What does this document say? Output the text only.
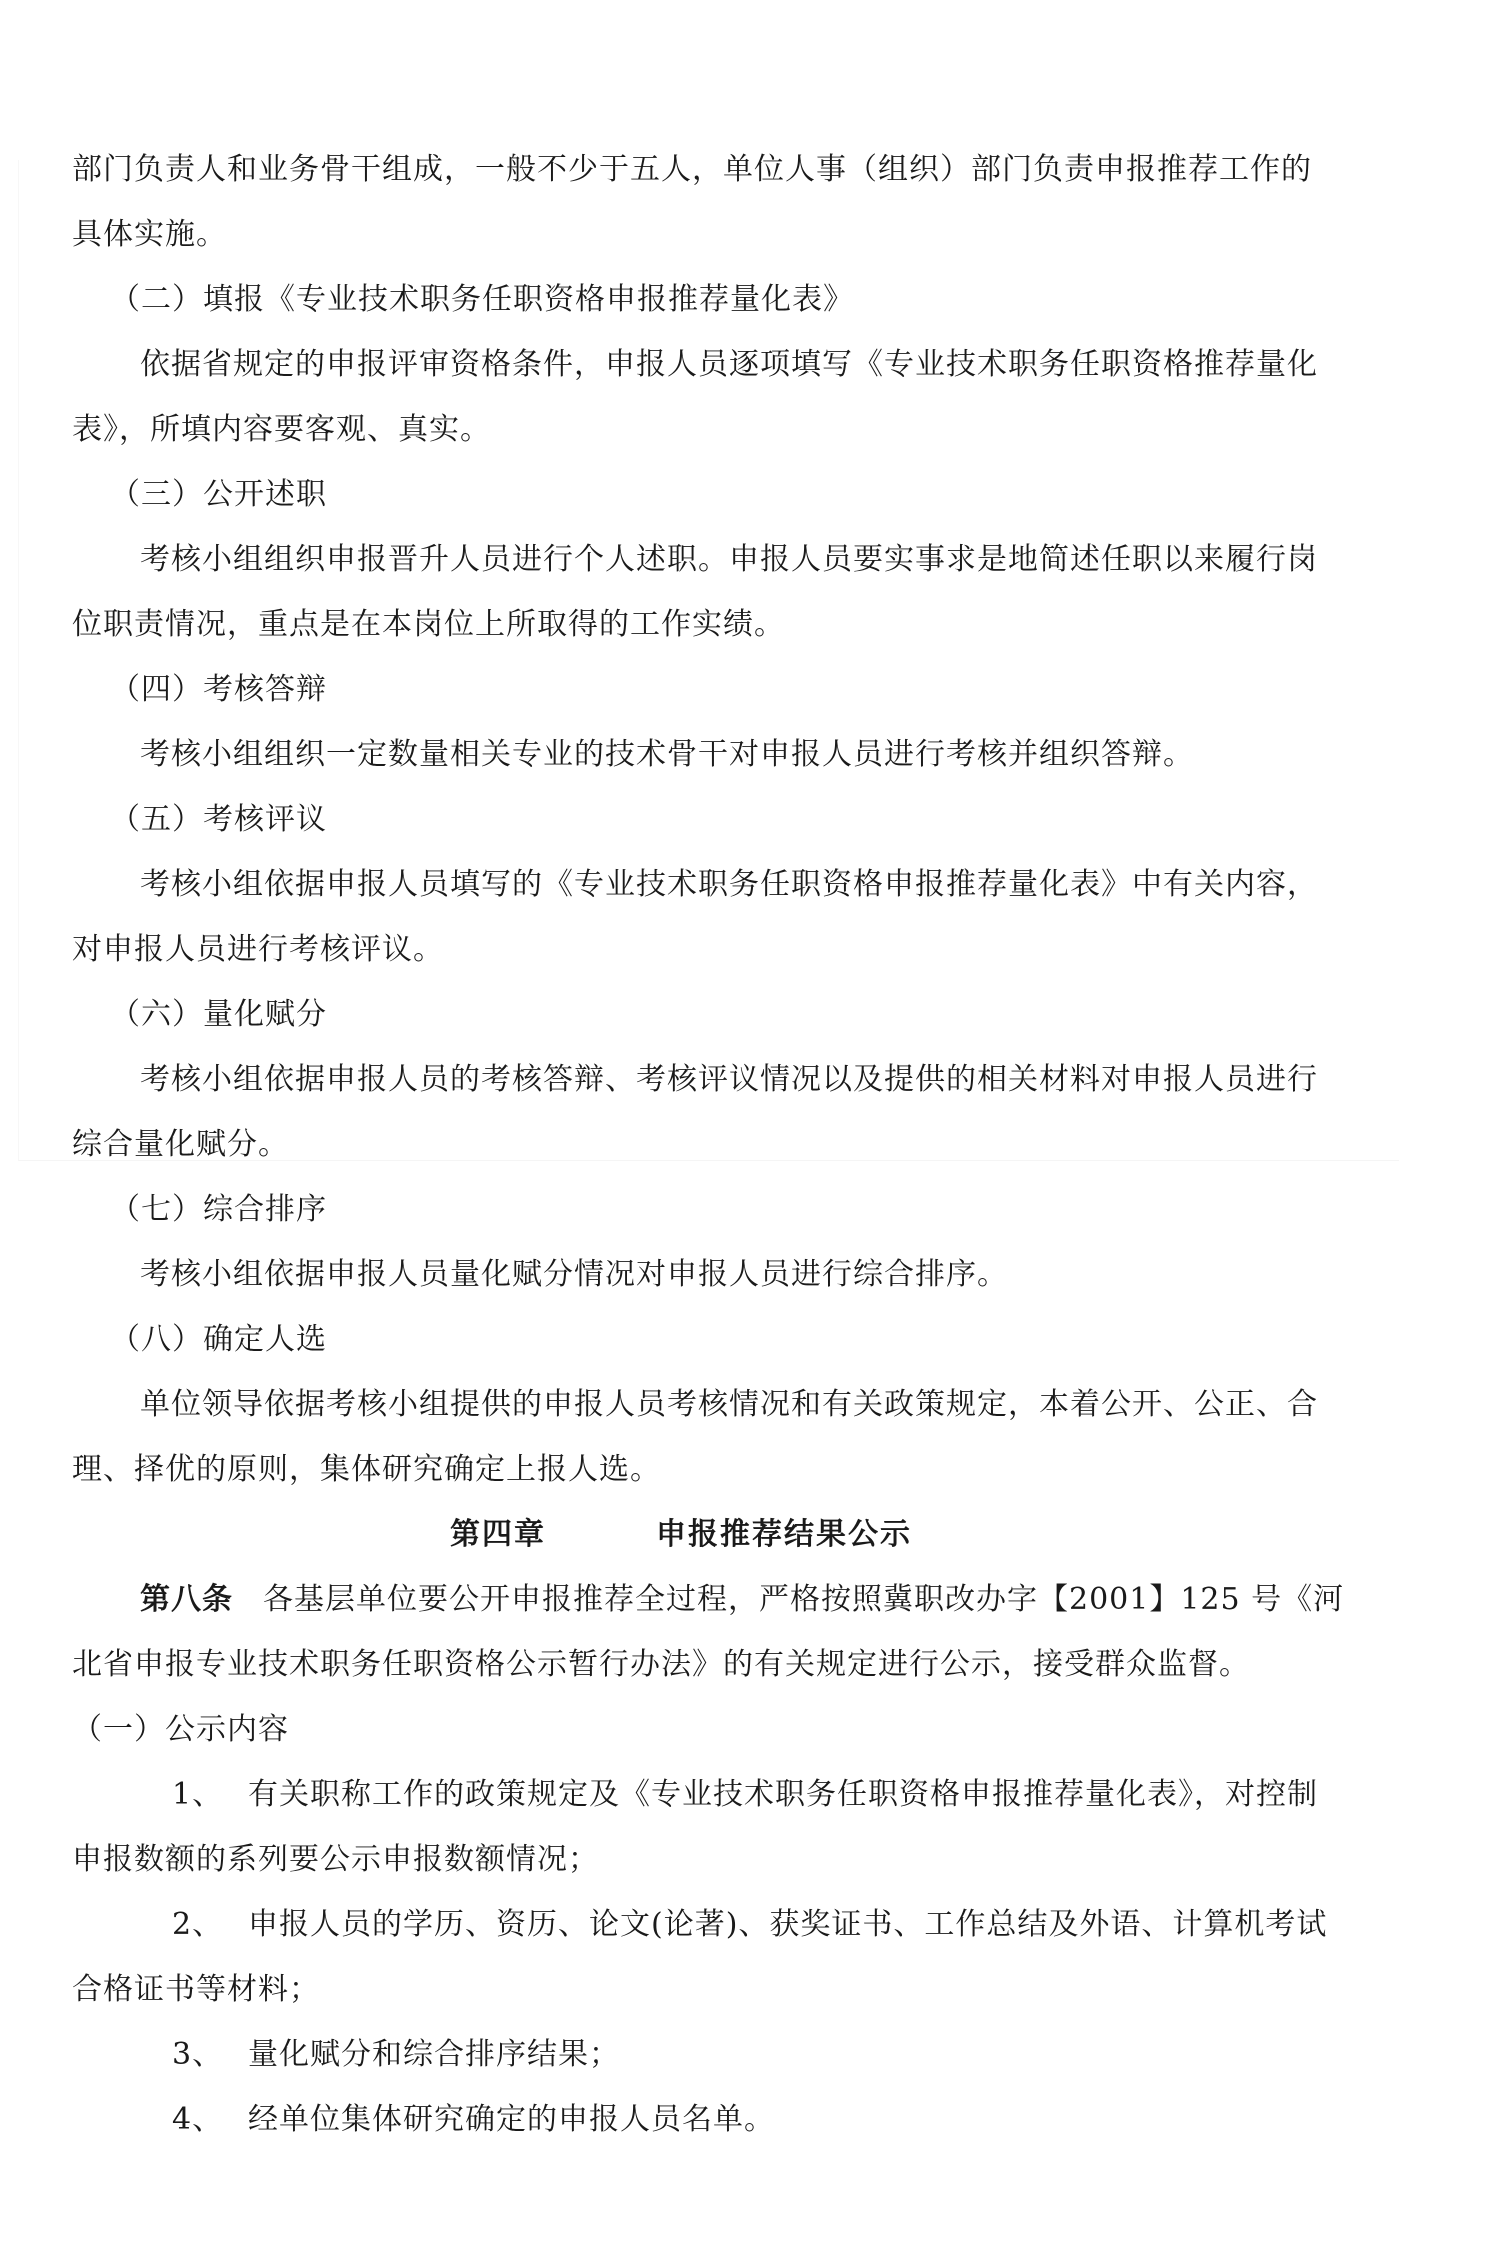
部门负责人和业务骨干组成，一般不少于五人，单位人事（组织）部门负责申报推荐工作的

具体实施。

（二）填报《专业技术职务任职资格申报推荐量化表》

依据省规定的申报评审资格条件，申报人员逐项填写《专业技术职务任职资格推荐量化

表》，所填内容要客观、真实。

（三）公开述职

考核小组组织申报晋升人员进行个人述职。申报人员要实事求是地简述任职以来履行岗

位职责情况，重点是在本岗位上所取得的工作实绩。

（四）考核答辩

考核小组组织一定数量相关专业的技术骨干对申报人员进行考核并组织答辩。

（五）考核评议

考核小组依据申报人员填写的《专业技术职务任职资格申报推荐量化表》中有关内容，

对申报人员进行考核评议。

（六）量化赋分

考核小组依据申报人员的考核答辩、考核评议情况以及提供的相关材料对申报人员进行

综合量化赋分。

（七）综合排序

考核小组依据申报人员量化赋分情况对申报人员进行综合排序。

（八）确定人选

单位领导依据考核小组提供的申报人员考核情况和有关政策规定，本着公开、公正、合

理、择优的原则，集体研究确定上报人选。

第四章	申报推荐结果公示

第八条 各基层单位要公开申报推荐全过程，严格按照冀职改办字【2001】125 号《河

北省申报专业技术职务任职资格公示暂行办法》的有关规定进行公示，接受群众监督。

（一）公示内容

1、 有关职称工作的政策规定及《专业技术职务任职资格申报推荐量化表》，对控制

申报数额的系列要公示申报数额情况；

2、 申报人员的学历、资历、论文(论著)、获奖证书、工作总结及外语、计算机考试

合格证书等材料；

3、 量化赋分和综合排序结果；

4、 经单位集体研究确定的申报人员名单。
